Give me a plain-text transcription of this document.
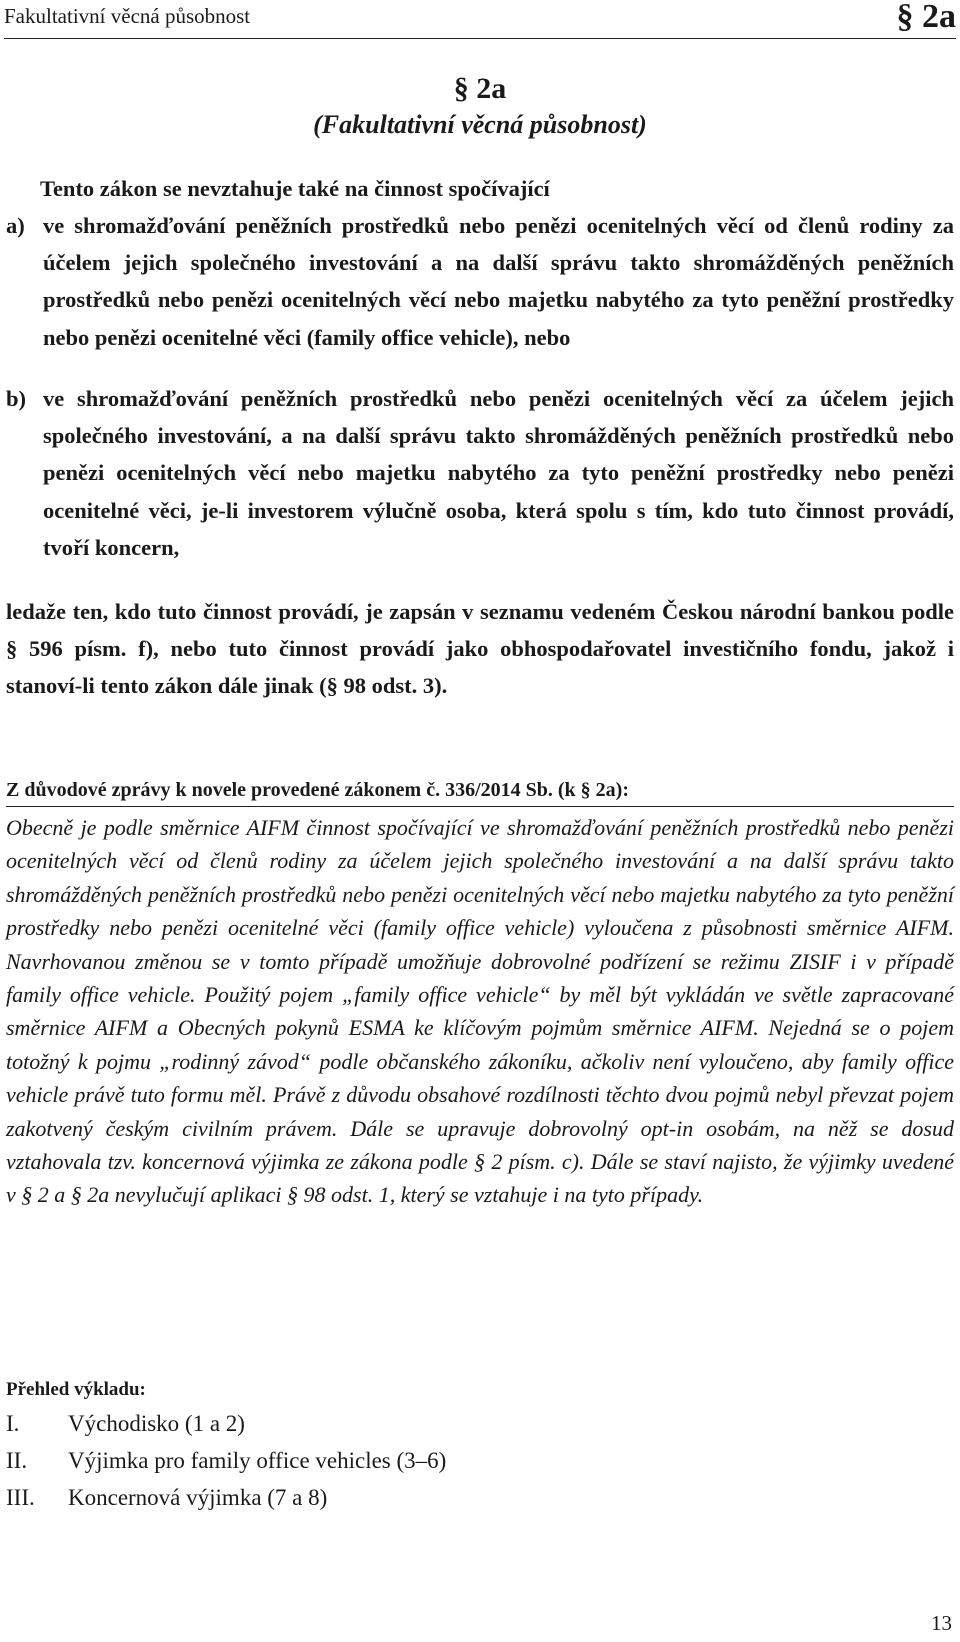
Fakultativní věcná působnost	§ 2a
§ 2a
(Fakultativní věcná působnost)
Tento zákon se nevztahuje také na činnost spočívající
a) ve shromažďování peněžních prostředků nebo penězi ocenitelných věcí od členů rodiny za účelem jejich společného investování a na další správu takto shromážděných peněžních prostředků nebo penězi ocenitelných věcí nebo majetku nabytého za tyto peněžní prostředky nebo penězi ocenitelné věci (family office vehicle), nebo
b) ve shromažďování peněžních prostředků nebo penězi ocenitelných věcí za účelem jejich společného investování, a na další správu takto shromážděných peněžních prostředků nebo penězi ocenitelných věcí nebo majetku nabytého za tyto peněžní prostředky nebo penězi ocenitelné věci, je-li investorem výlučně osoba, která spolu s tím, kdo tuto činnost provádí, tvoří koncern,
ledaže ten, kdo tuto činnost provádí, je zapsán v seznamu vedeném Českou národní bankou podle § 596 písm. f), nebo tuto činnost provádí jako obhospodařovatel investičního fondu, jakož i stanoví-li tento zákon dále jinak (§ 98 odst. 3).
Z důvodové zprávy k novele provedené zákonem č. 336/2014 Sb. (k § 2a):
Obecně je podle směrnice AIFM činnost spočívající ve shromažďování peněžních prostředků nebo penězi ocenitelných věcí od členů rodiny za účelem jejich společného investování a na další správu takto shromážděných peněžních prostředků nebo penězi ocenitelných věcí nebo majetku nabytého za tyto peněžní prostředky nebo penězi ocenitelné věci (family office vehicle) vyloučena z působnosti směrnice AIFM. Navrhovanou změnou se v tomto případě umožňuje dobrovolné podřízení se režimu ZISIF i v případě family office vehicle. Použitý pojem „family office vehicle“ by měl být vykládán ve světle zapracované směrnice AIFM a Obecných pokynů ESMA ke klíčovým pojmům směrnice AIFM. Nejedná se o pojem totožný k pojmu „rodinný závod“ podle občanského zákoníku, ačkoliv není vyloučeno, aby family office vehicle právě tuto formu měl. Právě z důvodu obsahové rozdílnosti těchto dvou pojmů nebyl převzat pojem zakotvený českým civilním právem. Dále se upravuje dobrovolný opt-in osobám, na něž se dosud vztahovala tzv. koncernová výjimka ze zákona podle § 2 písm. c). Dále se staví najisto, že výjimky uvedené v § 2 a § 2a nevylučují aplikaci § 98 odst. 1, který se vztahuje i na tyto případy.
Přehled výkladu:
I. Východisko (1 a 2)
II. Výjimka pro family office vehicles (3–6)
III. Koncernová výjimka (7 a 8)
13
